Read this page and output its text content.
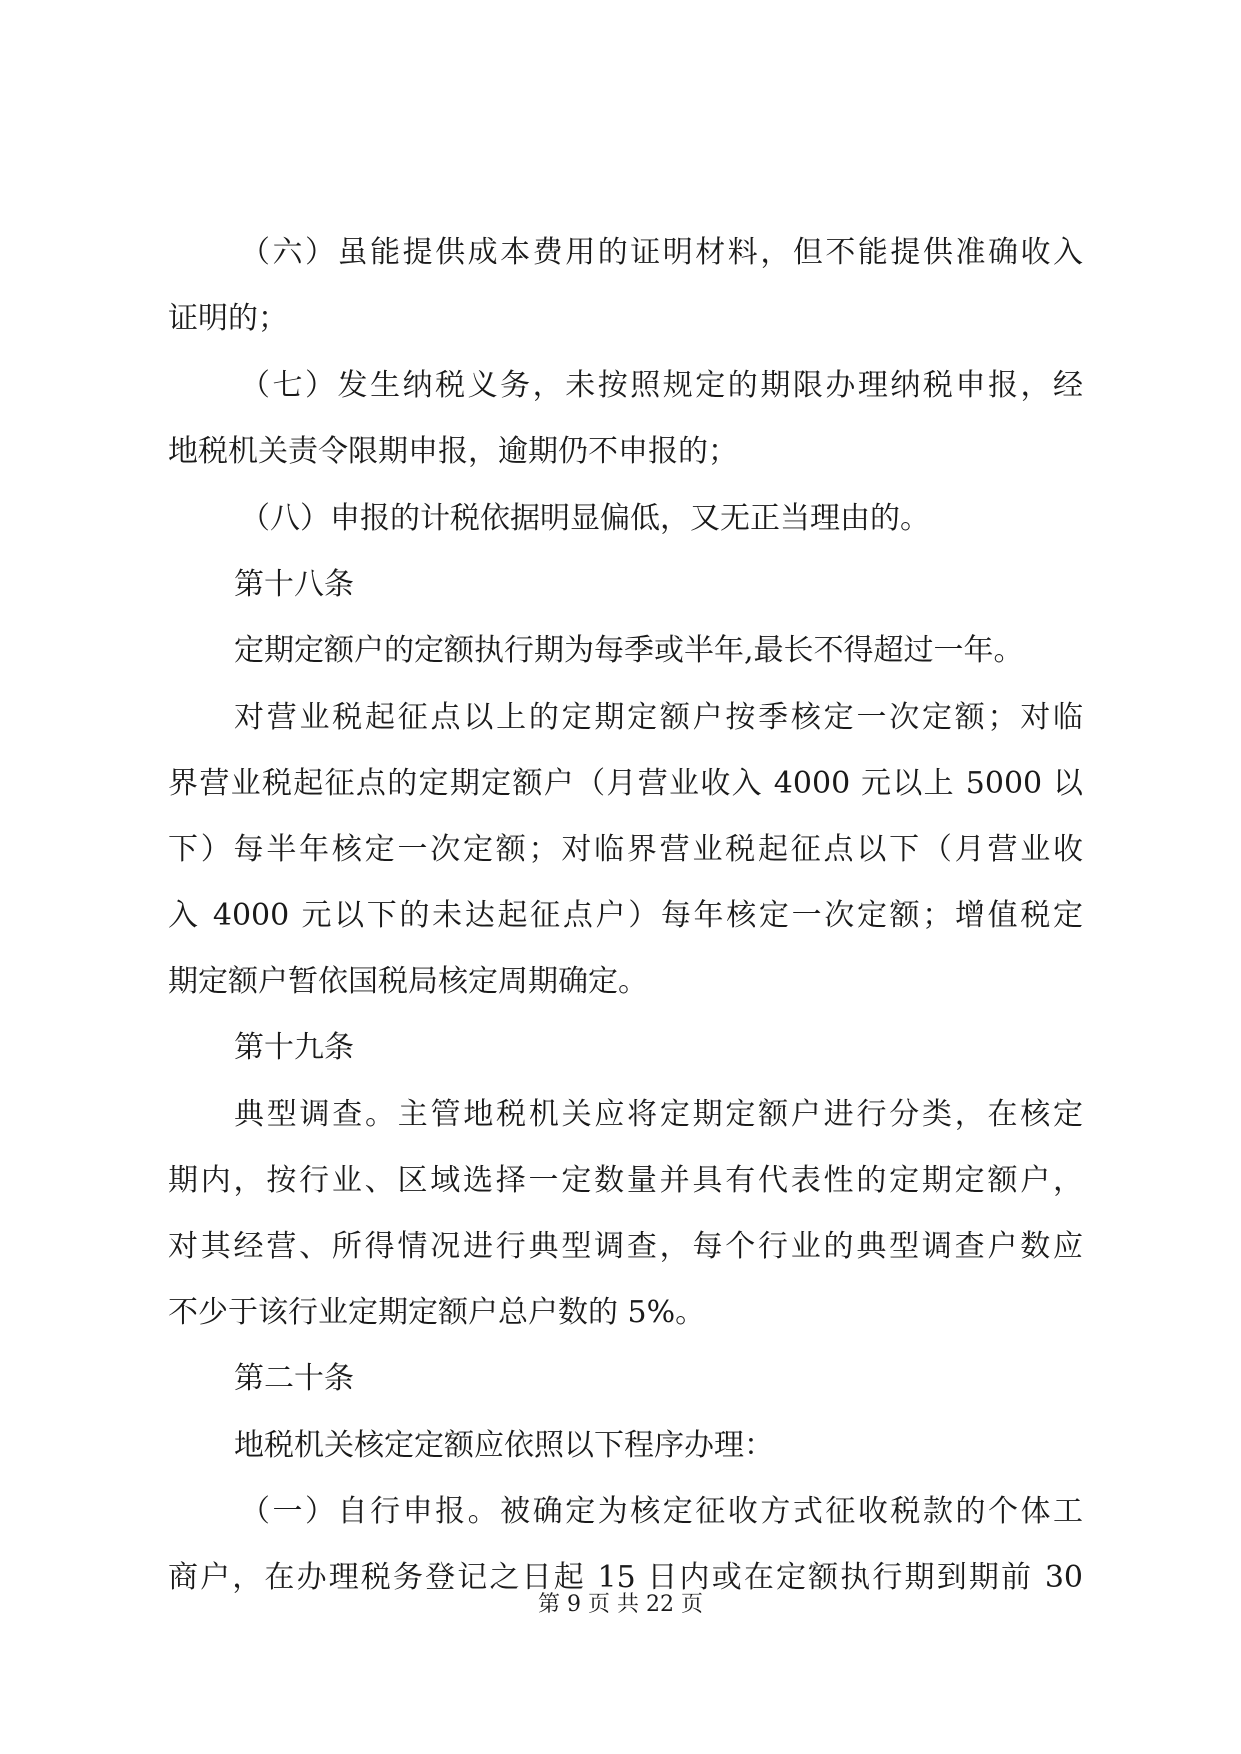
（六）虽能提供成本费用的证明材料，但不能提供准确收入
证明的；
（七）发生纳税义务，未按照规定的期限办理纳税申报，经
地税机关责令限期申报，逾期仍不申报的；
（八）申报的计税依据明显偏低，又无正当理由的。
第十八条
定期定额户的定额执行期为每季或半年,最长不得超过一年。
对营业税起征点以上的定期定额户按季核定一次定额；对临
界营业税起征点的定期定额户（月营业收入 4000 元以上 5000 以
下）每半年核定一次定额；对临界营业税起征点以下（月营业收
入 4000 元以下的未达起征点户）每年核定一次定额；增值税定
期定额户暂依国税局核定周期确定。
第十九条
典型调查。主管地税机关应将定期定额户进行分类，在核定
期内，按行业、区域选择一定数量并具有代表性的定期定额户，
对其经营、所得情况进行典型调查，每个行业的典型调查户数应
不少于该行业定期定额户总户数的 5%。
第二十条
地税机关核定定额应依照以下程序办理：
（一）自行申报。被确定为核定征收方式征收税款的个体工
商户，在办理税务登记之日起 15 日内或在定额执行期到期前 30
第 9 页 共 22 页
